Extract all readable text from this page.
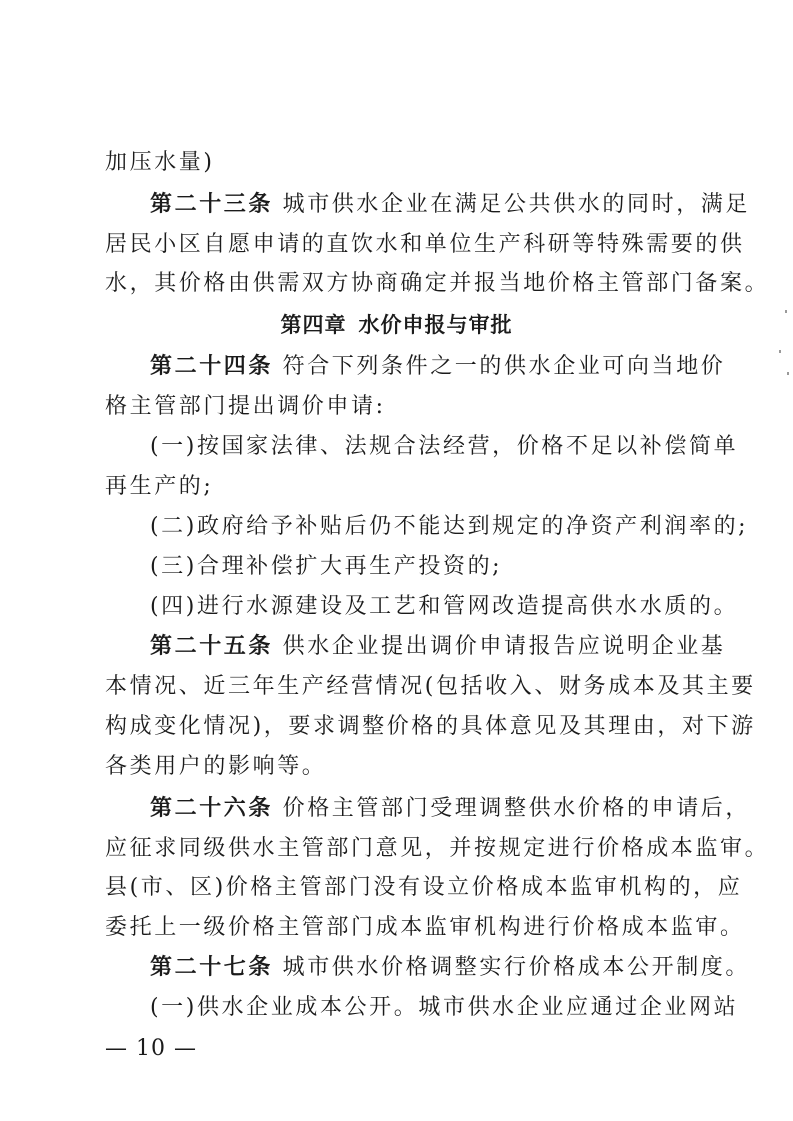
加压水量)
第二十三条 城市供水企业在满足公共供水的同时，满足
居民小区自愿申请的直饮水和单位生产科研等特殊需要的供
水，其价格由供需双方协商确定并报当地价格主管部门备案。
第四章 水价申报与审批
第二十四条 符合下列条件之一的供水企业可向当地价
格主管部门提出调价申请:
(一)按国家法律、法规合法经营，价格不足以补偿简单
再生产的;
(二)政府给予补贴后仍不能达到规定的净资产利润率的;
(三)合理补偿扩大再生产投资的;
(四)进行水源建设及工艺和管网改造提高供水水质的。
第二十五条 供水企业提出调价申请报告应说明企业基
本情况、近三年生产经营情况(包括收入、财务成本及其主要
构成变化情况)，要求调整价格的具体意见及其理由，对下游
各类用户的影响等。
第二十六条 价格主管部门受理调整供水价格的申请后，
应征求同级供水主管部门意见，并按规定进行价格成本监审。
县(市、区)价格主管部门没有设立价格成本监审机构的，应
委托上一级价格主管部门成本监审机构进行价格成本监审。
第二十七条 城市供水价格调整实行价格成本公开制度。
(一)供水企业成本公开。城市供水企业应通过企业网站
— 10 —
